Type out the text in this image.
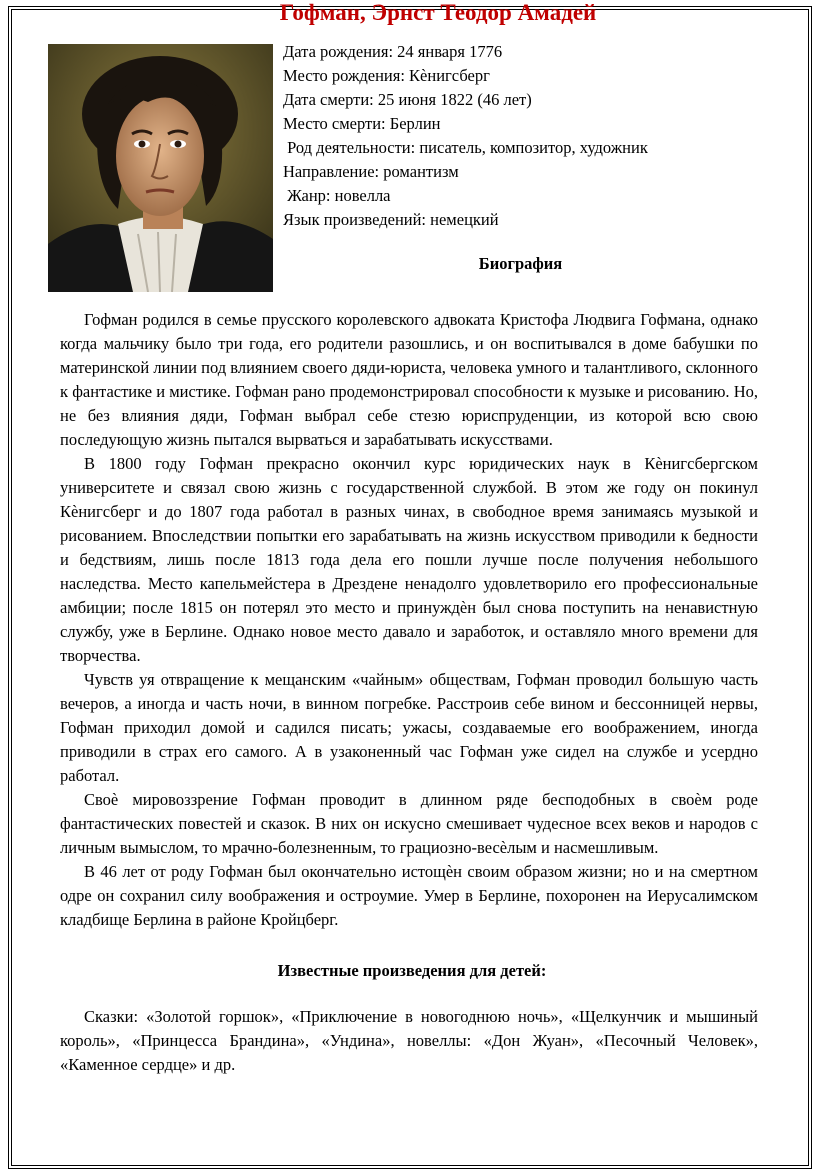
Гофман, Эрнст Теодор Амадей
Дата рождения: 24 января 1776
Место рождения: Кѐнигсберг
Дата смерти: 25 июня 1822 (46 лет)
Место смерти: Берлин
Род деятельности: писатель, композитор, художник
Направление: романтизм
Жанр: новелла
Язык произведений: немецкий
Биография

Гофман родился в семье прусского королевского адвоката Кристофа Людвига Гофмана, однако когда мальчику было три года, его родители разошлись, и он воспитывался в доме бабушки по материнской линии под влиянием своего дяди-юриста, человека умного и талантливого, склонного к фантастике и мистике. Гофман рано продемонстрировал способности к музыке и рисованию. Но, не без влияния дяди, Гофман выбрал себе стезю юриспруденции, из которой всю свою последующую жизнь пытался вырваться и зарабатывать искусствами.

В 1800 году Гофман прекрасно окончил курс юридических наук в Кѐнигсбергском университете и связал свою жизнь с государственной службой. В этом же году он покинул Кѐнигсберг и до 1807 года работал в разных чинах, в свободное время занимаясь музыкой и рисованием. Впоследствии попытки его зарабатывать на жизнь искусством приводили к бедности и бедствиям, лишь после 1813 года дела его пошли лучше после получения небольшого наследства. Место капельмейстера в Дрездене ненадолго удовлетворило его профессиональные амбиции; после 1815 он потерял это место и принуждѐн был снова поступить на ненавистную службу, уже в Берлине. Однако новое место давало и заработок, и оставляло много времени для творчества.

Чувств уя отвращение к мещанским «чайным» обществам, Гофман проводил большую часть вечеров, а иногда и часть ночи, в винном погребке. Расстроив себе вином и бессонницей нервы, Гофман приходил домой и садился писать; ужасы, создаваемые его воображением, иногда приводили в страх его самого. А в узаконенный час Гофман уже сидел на службе и усердно работал.

Своѐ мировоззрение Гофман проводит в длинном ряде бесподобных в своѐм роде фантастических повестей и сказок. В них он искусно смешивает чудесное всех веков и народов с личным вымыслом, то мрачно-болезненным, то грациозно-весѐлым и насмешливым.

В 46 лет от роду Гофман был окончательно истощѐн своим образом жизни; но и на смертном одре он сохранил силу воображения и остроумие. Умер в Берлине, похоронен на Иерусалимском кладбище Берлина в районе Кройцберг.

Известные произведения для детей:

Сказки: «Золотой горшок», «Приключение в новогоднюю ночь», «Щелкунчик и мышиный король», «Принцесса Брандина», «Ундина», новеллы: «Дон Жуан», «Песочный Человек», «Каменное сердце» и др.
